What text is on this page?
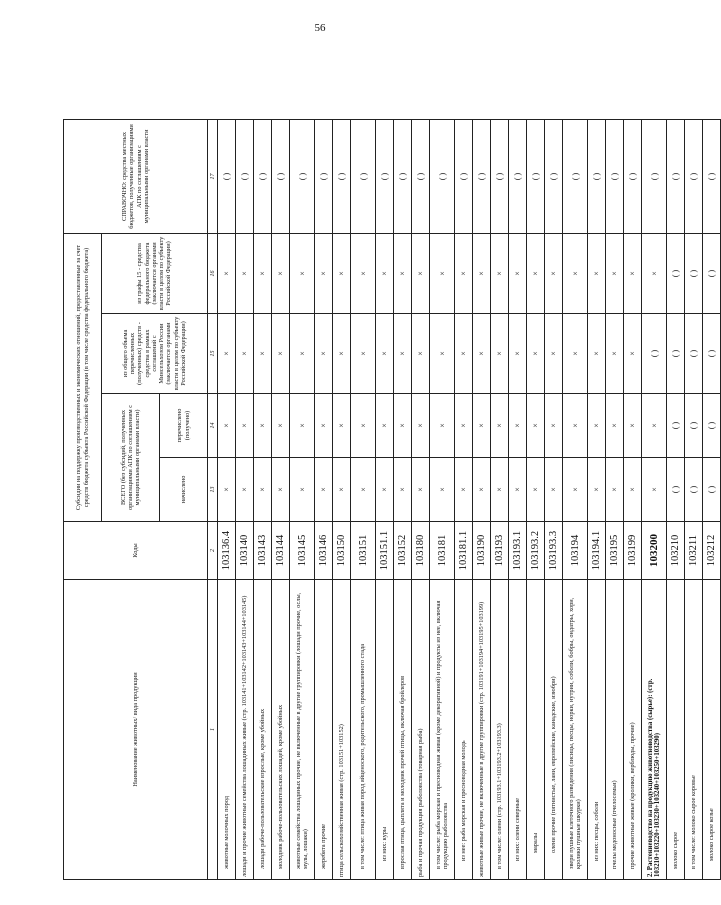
56
Наименование животных/ вида продукции	Коды	Субсидии на поддержку производственных и экономических отношений, предоставленные за счет средств бюджета субъекта Российской Федерации (в том числе средства федерального бюджета)				СПРАВОЧНО: средства местных бюджетов, полученные организациями АПК по соглашениям с муниципальными органами власти
		ВСЕГО (без субсидий, полученных организациями АПК по соглашениям с муниципальными органами власти)		из общего объема перечисленных (полученных) средств - средства в рамках соглашений с Минсельхозом России (заключается органами власти в целом по субъекту Российской Федерации)	из графы 15 - средства федерального бюджета (заключается органами власти в целом по субъекту Российской Федерации)	
		начислено	перечислено (получено)			
1	2	13	14	15	16	17
животные молочных пород	103136.4	×	×	×	×	( )
лошади и прочие животные семейства лошадиных живые (стр. 103141+103142+103143+103144+103145)	103140	×	×	×	×	( )
лошади рабоче-пользовательские взрослые, кроме убойных	103143	×	×	×	×	( )
молодняк рабоче-пользовательских лошадей, кроме убойных	103144	×	×	×	×	( )
животные семейства лошадиных прочие, не включенные в другие группировки (лошади прочие, ослы, мулы, лошаки)	103145	×	×	×	×	( )
жеребята прочие	103146	×	×	×	×	( )
птица сельскохозяйственная живая (стр. 103151+103152)	103150	×	×	×	×	( )
в том числе: птица живая пород яйценоского, родительского, промышленного стада	103151	×	×	×	×	( )
из них: куры	103151.1	×	×	×	×	( )
взрослая птица, цыплята и молодняк прочей птицы, включая бройлеров	103152	×	×	×	×	( )
рыба и прочая продукция рыболовства (товарная рыба)	103180	×	×	×	×	( )
в том числе: рыба морская и пресноводная живая (кроме декоративной) и продукты из нее, включая продукцию рыболовства	103181	×	×	×	×	( )
из нее: рыба морская и пресноводная молодь	103181.1	×	×	×	×	( )
животные живые прочие, не включенные в другие группировки (стр. 103191+103194+103195+103199)	103190	×	×	×	×	( )
в том числе: олени (стр. 103193.1+103193.2+103193.3)	103193	×	×	×	×	( )
из них: олени северные	103193.1	×	×	×	×	( )
маралы	103193.2	×	×	×	×	( )
олени прочие (пятнистые, лани, европейские, канадские, изюбри)	103193.3	×	×	×	×	( )
звери пушные клеточного разведения (лисицы, песцы, норки, нутрии, соболи, бобры, ондатры, хори, кролики пушные шкурки)	103194	×	×	×	×	( )
из них: песцы, соболи	103194.1	×	×	×	×	( )
пчелы медоносные (пчелосемьи)	103195	×	×	×	×	( )
прочие животные живые (кролики, верблюды, прочие)	103199	×	×	×	×	( )
2. Растениеводство на продукцию животноводства (сырье): (стр. 103210+103220+103230+103240+103250+103290)	103200	×	×	( )	×	( )
молоко сырое	103210	( )	( )	( )	( )	( )
в том числе: молоко сырое коровье	103211	( )	( )	( )	( )	( )
молоко сырое козье	103212	( )	( )	( )	( )	( )
